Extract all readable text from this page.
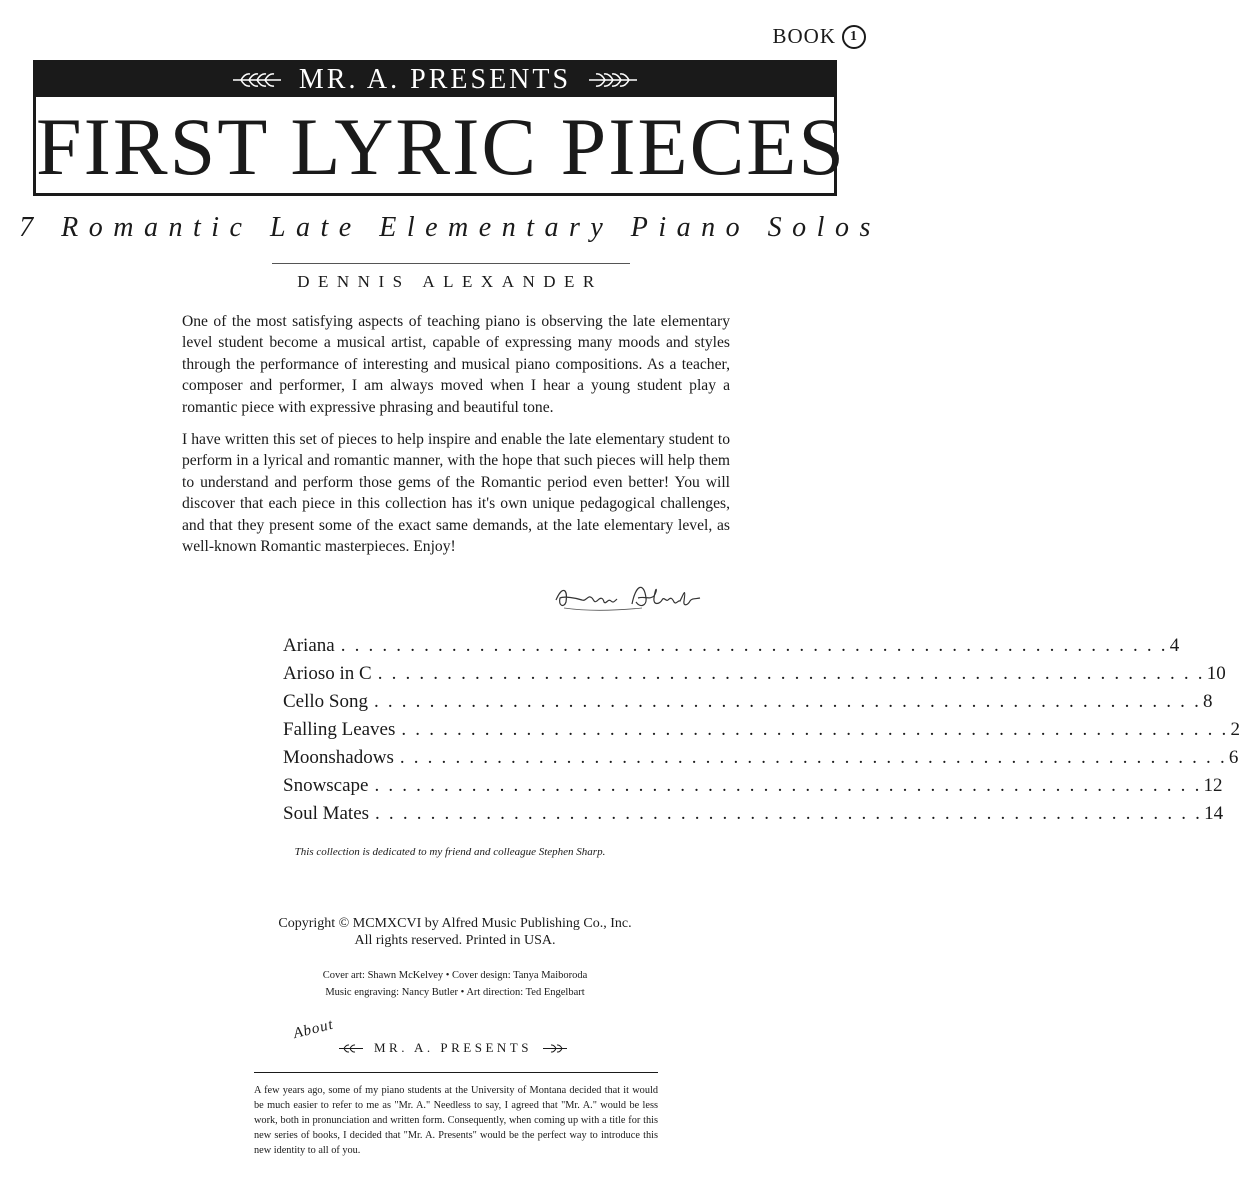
BOOK	1
MR. A. PRESENTS
FIRST LYRIC PIECES
7 Romantic Late Elementary Piano Solos
DENNIS ALEXANDER
One of the most satisfying aspects of teaching piano is observing the late elementary level student become a musical artist, capable of expressing many moods and styles through the performance of interesting and musical piano compositions. As a teacher, composer and performer, I am always moved when I hear a young student play a romantic piece with expressive phrasing and beautiful tone.
I have written this set of pieces to help inspire and enable the late elementary student to perform in a lyrical and romantic manner, with the hope that such pieces will help them to understand and perform those gems of the Romantic period even better! You will discover that each piece in this collection has it's own unique pedagogical challenges, and that they present some of the exact same demands, at the late elementary level, as well-known Romantic masterpieces. Enjoy!
Ariana . . . . . . . . . . . . . . . . . . . . . . . . . . . . . . . . . . . . . . . . . . . . . . . . . . . . . . . . . . . . 4
Arioso in C . . . . . . . . . . . . . . . . . . . . . . . . . . . . . . . . . . . . . . . . . . . . . . . . . . . . . . . . . . . . 10
Cello Song . . . . . . . . . . . . . . . . . . . . . . . . . . . . . . . . . . . . . . . . . . . . . . . . . . . . . . . . . . . . 8
Falling Leaves . . . . . . . . . . . . . . . . . . . . . . . . . . . . . . . . . . . . . . . . . . . . . . . . . . . . . . . . . . . . 2
Moonshadows . . . . . . . . . . . . . . . . . . . . . . . . . . . . . . . . . . . . . . . . . . . . . . . . . . . . . . . . . . . . 6
Snowscape . . . . . . . . . . . . . . . . . . . . . . . . . . . . . . . . . . . . . . . . . . . . . . . . . . . . . . . . . . . . 12
Soul Mates . . . . . . . . . . . . . . . . . . . . . . . . . . . . . . . . . . . . . . . . . . . . . . . . . . . . . . . . . . . . 14
This collection is dedicated to my friend and colleague Stephen Sharp.
Copyright © MCMXCVI by Alfred Music Publishing Co., Inc.
All rights reserved. Printed in USA.
Cover art: Shawn McKelvey • Cover design: Tanya Maiboroda
Music engraving: Nancy Butler • Art direction: Ted Engelbart
About
MR. A. PRESENTS
A few years ago, some of my piano students at the University of Montana decided that it would be much easier to refer to me as "Mr. A." Needless to say, I agreed that "Mr. A." would be less work, both in pronunciation and written form. Consequently, when coming up with a title for this new series of books, I decided that "Mr. A. Presents" would be the perfect way to introduce this new identity to all of you.
